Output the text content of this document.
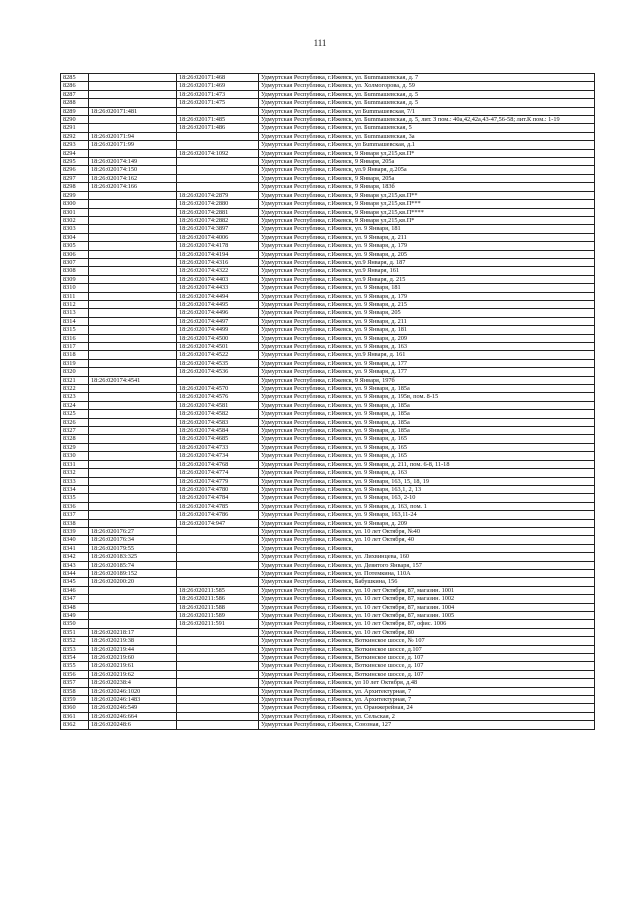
111
8285		18:26:020171:468	Удмуртская Республика, г.Ижевск, ул. Бummaшевская, д. 7
8286		18:26:020171:469	Удмуртская Республика, г.Ижевск, ул. Холмогорова, д. 59
8287		18:26:020171:473	Удмуртская Республика, г.Ижевск, ул. Бummaшевская, д. 5
8288		18:26:020171:475	Удмуртская Республика, г.Ижевск, ул. Бummaшевская, д. 5
8289	18:26:020171:481		Удмуртская Республика, г.Ижевск, ул Бummaшевская, 7/1
8290		18:26:020171:485	Удмуртская Республика, г.Ижевск, ул. Бummaшевская, д. 5, лит. З пом.: 40а,42,42а,43-47,56-58; лит.К пом.: 1-19
8291		18:26:020171:486	Удмуртская Республика, г.Ижевск, ул. Бummaшевская, 5
8292	18:26:020171:94		Удмуртская Республика, г.Ижевск, ул. Бummaшевская, 3а
8293	18:26:020171:99		Удмуртская Республика, г.Ижевск, ул Бummaшевская, д.1
8294		18:26:020174:1092	Удмуртская Республика, г.Ижевск, 9 Января ул,215,кв.П*
8295	18:26:020174:149		Удмуртская Республика, г.Ижевск, 9 Января, 205а
8296	18:26:020174:150		Удмуртская Республика, г.Ижевск, ул.9 Января, д.205а
8297	18:26:020174:162		Удмуртская Республика, г.Ижевск, 9 Января, 205а
8298	18:26:020174:166		Удмуртская Республика, г.Ижевск, 9 Января, 183б
8299		18:26:020174:2879	Удмуртская Республика, г.Ижевск, 9 Января ул,215,кв.П**
8300		18:26:020174:2880	Удмуртская Республика, г.Ижевск, 9 Января ул,215,кв.П***
8301		18:26:020174:2881	Удмуртская Республика, г.Ижевск, 9 Января ул,215,кв.П****
8302		18:26:020174:2882	Удмуртская Республика, г.Ижевск, 9 Января ул,215,кв.П*
8303		18:26:020174:3897	Удмуртская Республика, г.Ижевск, ул. 9 Января, 181
8304		18:26:020174:4006	Удмуртская Республика, г.Ижевск, ул. 9 Января, д. 211
8305		18:26:020174:4178	Удмуртская Республика, г.Ижевск, ул. 9 Января, д. 179
8306		18:26:020174:4194	Удмуртская Республика, г.Ижевск, ул. 9 Января, д. 205
8307		18:26:020174:4316	Удмуртская Республика, г.Ижевск, ул.9 Января, д. 187
8308		18:26:020174:4322	Удмуртская Республика, г.Ижевск, ул.9 Января, 161
8309		18:26:020174:4403	Удмуртская Республика, г.Ижевск, ул.9 Января, д. 215
8310		18:26:020174:4433	Удмуртская Республика, г.Ижевск, ул. 9 Января, 181
8311		18:26:020174:4494	Удмуртская Республика, г.Ижевск, ул. 9 Января, д. 179
8312		18:26:020174:4495	Удмуртская Республика, г.Ижевск, ул. 9 Января, д. 215
8313		18:26:020174:4496	Удмуртская Республика, г.Ижевск, ул. 9 Января, 205
8314		18:26:020174:4497	Удмуртская Республика, г.Ижевск, ул. 9 Января, д. 211
8315		18:26:020174:4499	Удмуртская Республика, г.Ижевск, ул. 9 Января, д. 181
8316		18:26:020174:4500	Удмуртская Республика, г.Ижевск, ул. 9 Января, д. 209
8317		18:26:020174:4501	Удмуртская Республика, г.Ижевск, ул. 9 Января, д. 163
8318		18:26:020174:4522	Удмуртская Республика, г.Ижевск, ул.9 Января, д. 161
8319		18:26:020174:4535	Удмуртская Республика, г.Ижевск, ул. 9 Января, д. 177
8320		18:26:020174:4536	Удмуртская Республика, г.Ижевск, ул. 9 Января, д. 177
8321	18:26:020174:4541		Удмуртская Республика, г.Ижевск, 9 Января, 197б
8322		18:26:020174:4570	Удмуртская Республика, г.Ижевск, ул. 9 Января, д. 185а
8323		18:26:020174:4576	Удмуртская Республика, г.Ижевск, ул. 9 Января, д. 195в, пом. 8-15
8324		18:26:020174:4581	Удмуртская Республика, г.Ижевск, ул. 9 Января, д. 185а
8325		18:26:020174:4582	Удмуртская Республика, г.Ижевск, ул. 9 Января, д. 185а
8326		18:26:020174:4583	Удмуртская Республика, г.Ижевск, ул. 9 Января, д. 185а
8327		18:26:020174:4584	Удмуртская Республика, г.Ижевск, ул. 9 Января, д. 185а
8328		18:26:020174:4685	Удмуртская Республика, г.Ижевск, ул. 9 Января, д. 165
8329		18:26:020174:4733	Удмуртская Республика, г.Ижевск, ул. 9 Января, д. 165
8330		18:26:020174:4734	Удмуртская Республика, г.Ижевск, ул. 9 Января, д. 165
8331		18:26:020174:4768	Удмуртская Республика, г.Ижевск, ул. 9 Января, д. 211, пом. 6-8, 11-18
8332		18:26:020174:4774	Удмуртская Республика, г.Ижевск, ул. 9 Января, д. 163
8333		18:26:020174:4779	Удмуртская Республика, г.Ижевск, ул. 9 Января, 163, 15, 18, 19
8334		18:26:020174:4780	Удмуртская Республика, г.Ижевск, ул. 9 Января, 163,1, 2, 13
8335		18:26:020174:4784	Удмуртская Республика, г.Ижевск, ул. 9 Января, 163, 2-10
8336		18:26:020174:4785	Удмуртская Республика, г.Ижевск, ул. 9 Января, д. 163, пом. 1
8337		18:26:020174:4786	Удмуртская Республика, г.Ижевск, ул. 9 Января, 163,11-24
8338		18:26:020174:947	Удмуртская Республика, г.Ижевск, ул. 9 Января, д. 209
8339	18:26:020176:27		Удмуртская Республика, г.Ижевск, ул. 10 лет Октября, №40
8340	18:26:020176:34		Удмуртская Республика, г.Ижевск, ул. 10 лет Октября, 40
8341	18:26:020179:55		Удмуртская Республика, г.Ижевск,
8342	18:26:020183:325		Удмуртская Республика, г.Ижевск, ул. Лихвинцева, 160
8343	18:26:020185:74		Удмуртская Республика, г.Ижевск, ул. Девятого Января, 157
8344	18:26:020189:152		Удмуртская Республика, г.Ижевск, ул. Потемкина, 110А
8345	18:26:020200:20		Удмуртская Республика, г.Ижевск, Бабушкина, 156
8346		18:26:020211:585	Удмуртская Республика, г.Ижевск, ул. 10 лет Октября, 87, магазин. 1001
8347		18:26:020211:586	Удмуртская Республика, г.Ижевск, ул. 10 лет Октября, 87, магазин. 1002
8348		18:26:020211:588	Удмуртская Республика, г.Ижевск, ул. 10 лет Октября, 87, магазин. 1004
8349		18:26:020211:589	Удмуртская Республика, г.Ижевск, ул. 10 лет Октября, 87, магазин. 1005
8350		18:26:020211:591	Удмуртская Республика, г.Ижевск, ул. 10 лет Октября, 87, офис. 1006
8351	18:26:020218:17		Удмуртская Республика, г.Ижевск, ул. 10 лет Октября, 80
8352	18:26:020219:38		Удмуртская Республика, г.Ижевск, Воткинское шоссе, № 107
8353	18:26:020219:44		Удмуртская Республика, г.Ижевск, Воткинское шоссе, д.107
8354	18:26:020219:60		Удмуртская Республика, г.Ижевск, Воткинское шоссе, д. 107
8355	18:26:020219:61		Удмуртская Республика, г.Ижевск, Воткинское шоссе, д. 107
8356	18:26:020219:62		Удмуртская Республика, г.Ижевск, Воткинское шоссе, д. 107
8357	18:26:020238:4		Удмуртская Республика, г.Ижевск, ул 10 лет Октября, д.48
8358	18:26:020246:1020		Удмуртская Республика, г.Ижевск, ул. Архитектурная, 7
8359	18:26:020246:1483		Удмуртская Республика, г.Ижевск, ул. Архитектурная, 7
8360	18:26:020246:549		Удмуртская Республика, г.Ижевск, ул. Оранжерейная, 24
8361	18:26:020246:664		Удмуртская Республика, г.Ижевск, ул. Сельская, 2
8362	18:26:020248:6		Удмуртская Республика, г.Ижевск, Союзная, 127
